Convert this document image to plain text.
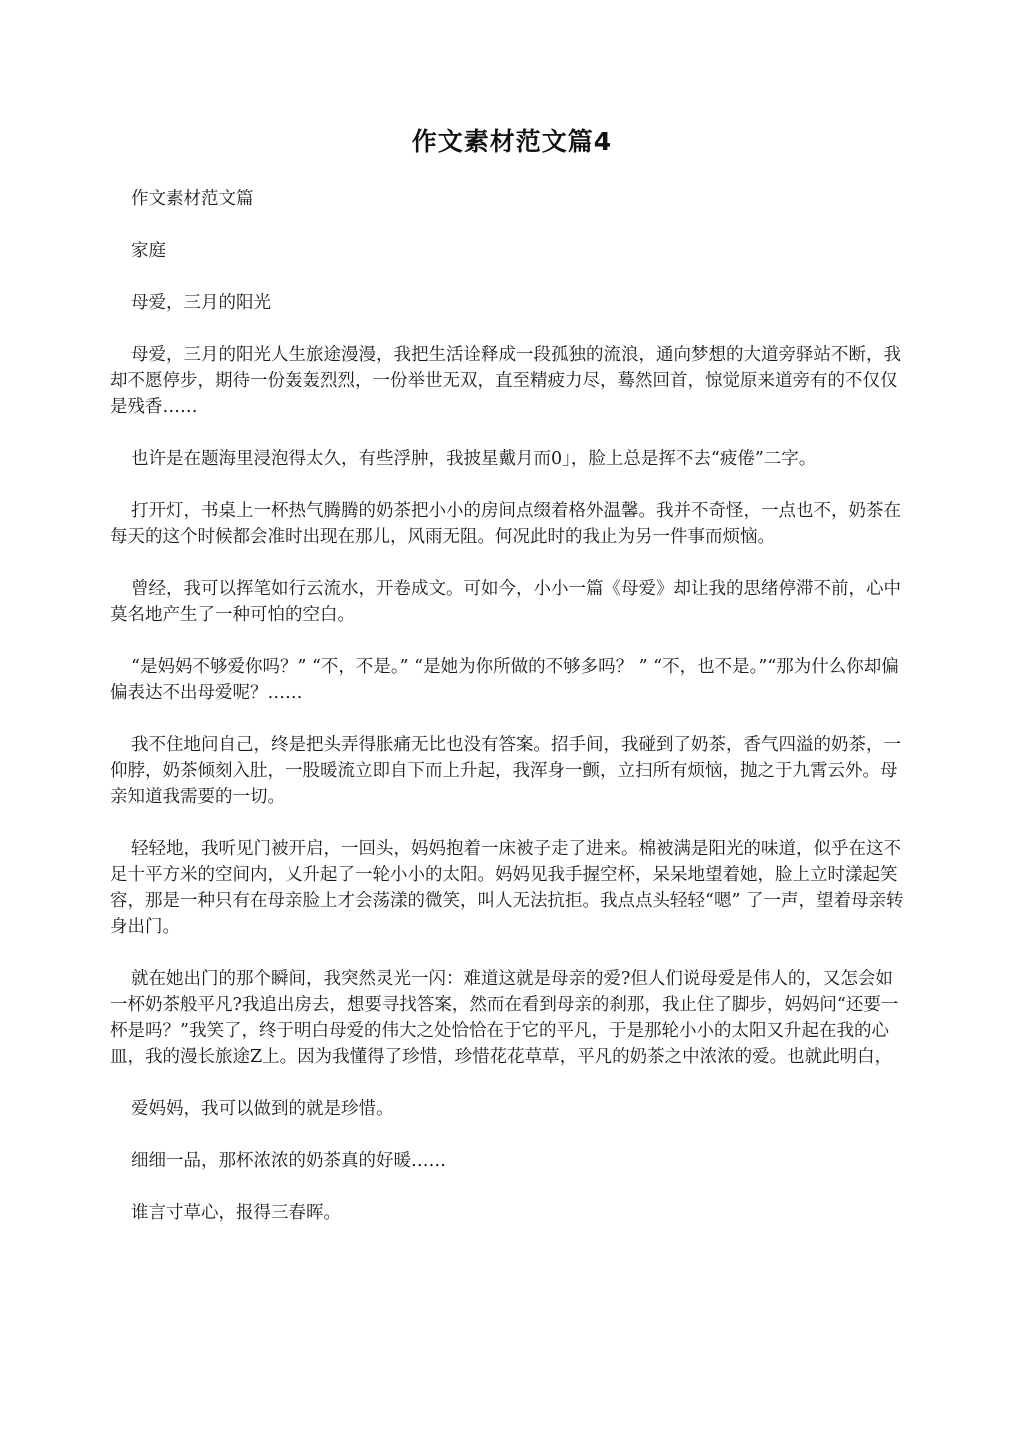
作文素材范文篇4

作文素材范文篇

家庭

母爱，三月的阳光

母爱，三月的阳光人生旅途漫漫，我把生活诠释成一段孤独的流浪，通向梦想的大道旁驿站不断，我却不愿停步，期待一份轰轰烈烈，一份举世无双，直至精疲力尽，蓦然回首，惊觉原来道旁有的不仅仅是残香……

也许是在题海里浸泡得太久，有些浮肿，我披星戴月而0」，脸上总是挥不去“疲倦”二字。

打开灯，书桌上一杯热气腾腾的奶茶把小小的房间点缀着格外温馨。我并不奇怪，一点也不，奶茶在每天的这个时候都会准时出现在那儿，风雨无阻。何况此时的我止为另一件事而烦恼。

曾经，我可以挥笔如行云流水，开卷成文。可如今，小小一篇《母爱》却让我的思绪停滞不前，心中莫名地产生了一种可怕的空白。

“是妈妈不够爱你吗？” “不，不是。” “是她为你所做的不够多吗？ ” “不，也不是。”“那为什么你却偏偏表达不出母爱呢？……

我不住地问自己，终是把头弄得胀痛无比也没有答案。招手间，我碰到了奶茶，香气四溢的奶茶，一仰脖，奶茶倾刻入肚，一股暖流立即自下而上升起，我浑身一颤，立扫所有烦恼，抛之于九霄云外。母亲知道我需要的一切。

轻轻地，我听见门被开启，一回头，妈妈抱着一床被子走了进来。棉被满是阳光的味道，似乎在这不足十平方米的空间内，乂升起了一轮小小的太阳。妈妈见我手握空杯，呆呆地望着她，脸上立时漾起笑容，那是一种只有在母亲脸上才会荡漾的微笑，叫人无法抗拒。我点点头轻轻“嗯” 了一声，望着母亲转身出门。

就在她出门的那个瞬间，我突然灵光一闪：难道这就是母亲的爱?但人们说母爱是伟人的，又怎会如一杯奶茶般平凡?我追出房去，想要寻找答案，然而在看到母亲的刹那，我止住了脚步，妈妈问“还要一杯是吗？”我笑了，终于明白母爱的伟大之处恰恰在于它的平凡，于是那轮小小的太阳又升起在我的心皿，我的漫长旅途Z上。因为我懂得了珍惜，珍惜花花草草，平凡的奶茶之中浓浓的爱。也就此明白，

爱妈妈，我可以做到的就是珍惜。

细细一品，那杯浓浓的奶茶真的好暖……

谁言寸草心，报得三春晖。
